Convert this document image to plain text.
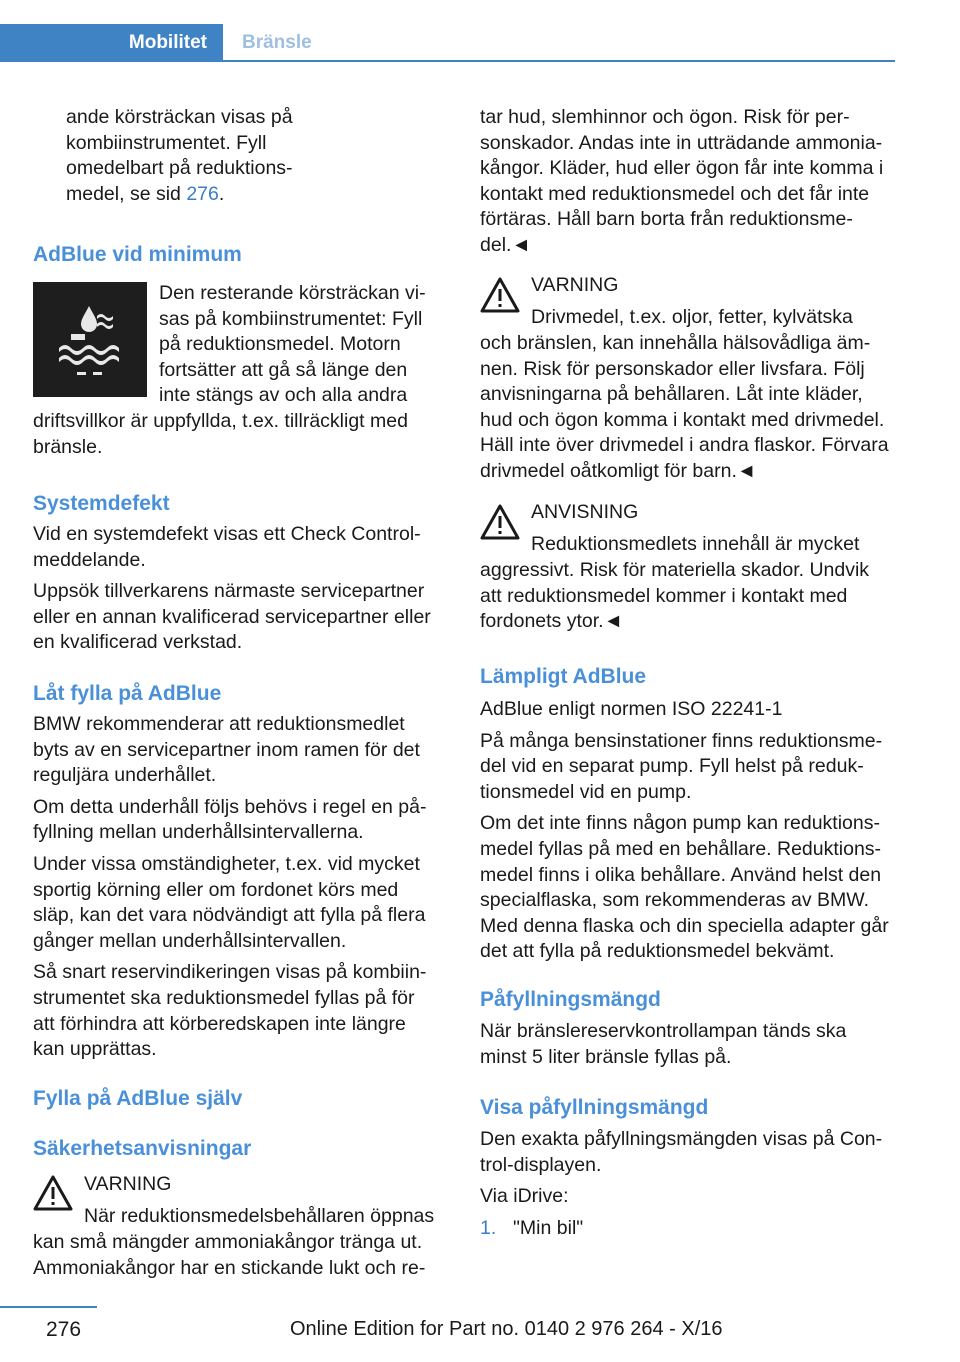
Mobilitet	Bränsle

ande körsträckan visas på

kombiinstrumentet. Fyll

omedelbart på reduktions-

medel, se sid 276.

AdBlue vid minimum

Den resterande körsträckan vi-

sas på kombiinstrumentet: Fyll

på reduktionsmedel. Motorn

fortsätter att gå så länge den

inte stängs av och alla andra

driftsvillkor är uppfyllda, t.ex. tillräckligt med

bränsle.

Systemdefekt

Vid en systemdefekt visas ett Check Control-

meddelande.

Uppsök tillverkarens närmaste servicepartner

eller en annan kvalificerad servicepartner eller

en kvalificerad verkstad.

Låt fylla på AdBlue

BMW rekommenderar att reduktionsmedlet

byts av en servicepartner inom ramen för det

reguljära underhållet.

Om detta underhåll följs behövs i regel en på-

fyllning mellan underhållsintervallerna.

Under vissa omständigheter, t.ex. vid mycket

sportig körning eller om fordonet körs med

släp, kan det vara nödvändigt att fylla på flera

gånger mellan underhållsintervallen.

Så snart reservindikeringen visas på kombiin-

strumentet ska reduktionsmedel fyllas på för

att förhindra att körberedskapen inte längre

kan upprättas.

Fylla på AdBlue själv
Säkerhetsanvisningar

VARNING

När reduktionsmedelsbehållaren öppnas

kan små mängder ammoniakångor tränga ut.

Ammoniakångor har en stickande lukt och re-

tar hud, slemhinnor och ögon. Risk för per-

sonskador. Andas inte in utträdande ammonia-

kångor. Kläder, hud eller ögon får inte komma i

kontakt med reduktionsmedel och det får inte

förtäras. Håll barn borta från reduktionsme-

del.◄

VARNING

Drivmedel, t.ex. oljor, fetter, kylvätska

och bränslen, kan innehålla hälsovådliga äm-

nen. Risk för personskador eller livsfara. Följ

anvisningarna på behållaren. Låt inte kläder,

hud och ögon komma i kontakt med drivmedel.

Häll inte över drivmedel i andra flaskor. Förvara

drivmedel oåtkomligt för barn.◄

ANVISNING

Reduktionsmedlets innehåll är mycket

aggressivt. Risk för materiella skador. Undvik

att reduktionsmedel kommer i kontakt med

fordonets ytor.◄

Lämpligt AdBlue

AdBlue enligt normen ISO 22241-1

På många bensinstationer finns reduktionsme-

del vid en separat pump. Fyll helst på reduk-

tionsmedel vid en pump.

Om det inte finns någon pump kan reduktions-

medel fyllas på med en behållare. Reduktions-

medel finns i olika behållare. Använd helst den

specialflaska, som rekommenderas av BMW.

Med denna flaska och din speciella adapter går

det att fylla på reduktionsmedel bekvämt.

Påfyllningsmängd

När bränslereservkontrollampan tänds ska

minst 5 liter bränsle fyllas på.

Visa påfyllningsmängd

Den exakta påfyllningsmängden visas på Con-

trol-displayen.

Via iDrive:

1. "Min bil"

276	Online Edition for Part no. 0140 2 976 264 - X/16
